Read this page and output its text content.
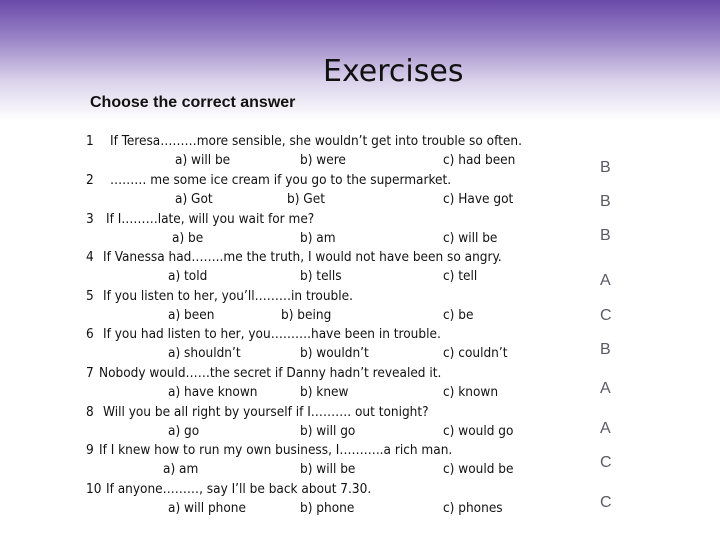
Exercises
Choose the correct answer
1 If Teresa………more sensible, she wouldn’t get into trouble so often.
a) will be	b) were	c) had been
2 ……… me some ice cream if you go to the supermarket.
a) Got	b) Get	c) Have got
3 If I………late, will you wait for me?
a) be	b) am	c) will be
4 If Vanessa had……..me the truth, I would not have been so angry.
a) told	b) tells	c) tell
5 If you listen to her, you’ll………in trouble.
a) been	b) being	c) be
6 If you had listen to her, you……….have been in trouble.
a) shouldn’t	b) wouldn’t	c) couldn’t
7 Nobody would……the secret if Danny hadn’t revealed it.
a) have known	b) knew	c) known
8 Will you be all right by yourself if I………. out tonight?
a) go	b) will go	c) would go
9 If I knew how to run my own business, I………..a rich man.
a) am	b) will be	c) would be
10 If anyone………, say I’ll be back about 7.30.
a) will phone	b) phone	c) phones
B
B
B
A
C
B
A
A
C
C
